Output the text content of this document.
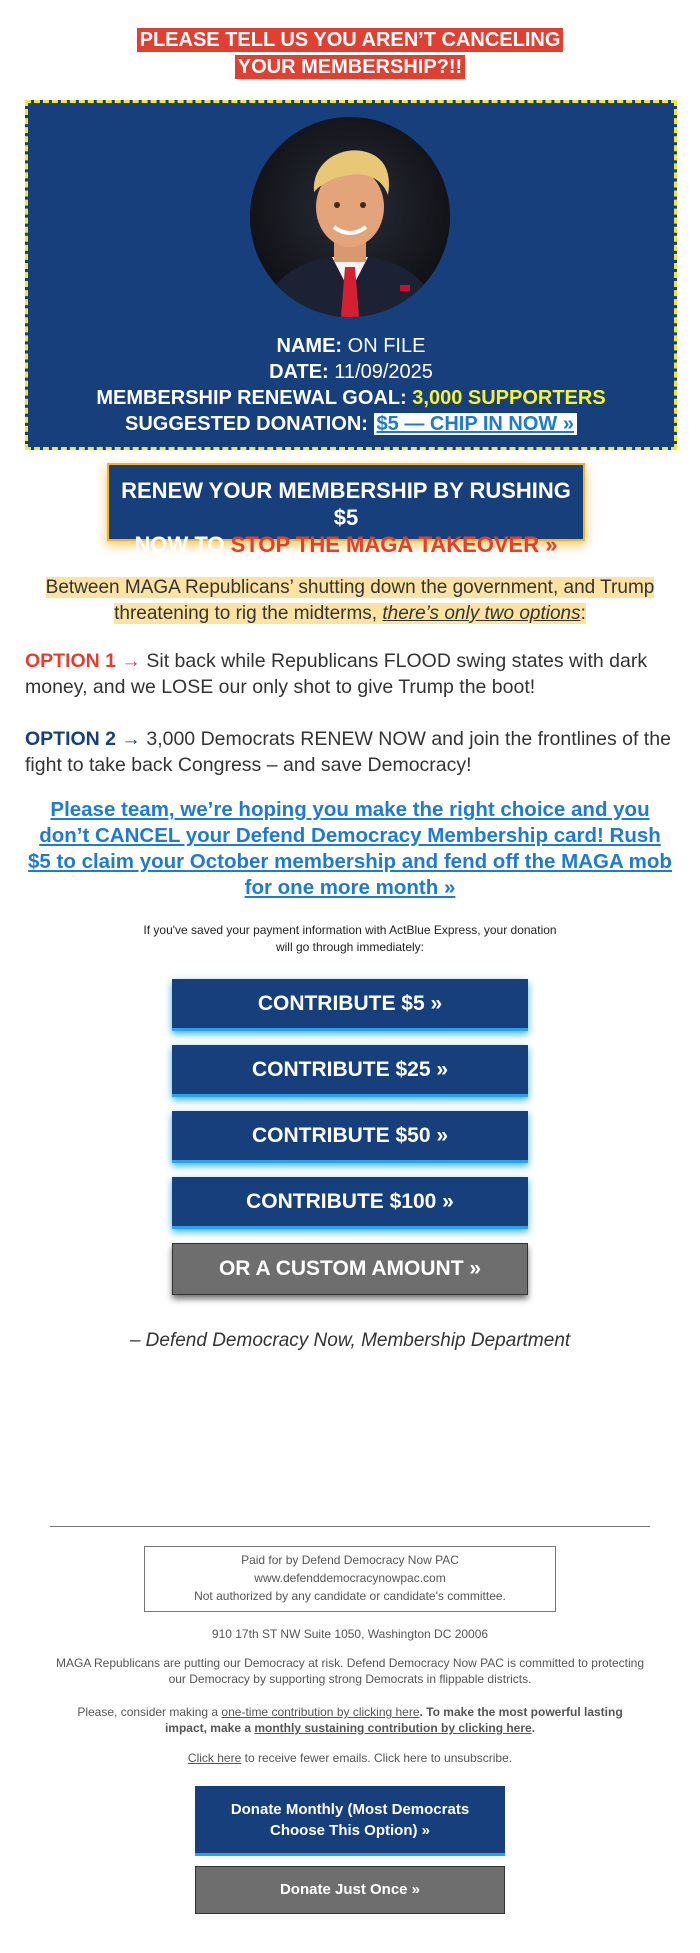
PLEASE TELL US YOU AREN’T CANCELING
YOUR MEMBERSHIP?!!
NAME: ON FILE
DATE: 11/09/2025
MEMBERSHIP RENEWAL GOAL: 3,000 SUPPORTERS
SUGGESTED DONATION: $5 — CHIP IN NOW »
RENEW YOUR MEMBERSHIP BY RUSHING $5
NOW TO STOP THE MAGA TAKEOVER »
Between MAGA Republicans’ shutting down the government, and Trump threatening to rig the midterms, there’s only two options:
OPTION 1 → Sit back while Republicans FLOOD swing states with dark money, and we LOSE our only shot to give Trump the boot!
OPTION 2 → 3,000 Democrats RENEW NOW and join the frontlines of the fight to take back Congress – and save Democracy!
Please team, we’re hoping you make the right choice and you don’t CANCEL your Defend Democracy Membership card! Rush $5 to claim your October membership and fend off the MAGA mob for one more month »
If you've saved your payment information with ActBlue Express, your donation
will go through immediately:
CONTRIBUTE $5 »
CONTRIBUTE $25 »
CONTRIBUTE $50 »
CONTRIBUTE $100 »
OR A CUSTOM AMOUNT »
– Defend Democracy Now, Membership Department
Paid for by Defend Democracy Now PAC
www.defenddemocracynowpac.com
Not authorized by any candidate or candidate's committee.
910 17th ST NW Suite 1050, Washington DC 20006
MAGA Republicans are putting our Democracy at risk. Defend Democracy Now PAC is committed to protecting our Democracy by supporting strong Democrats in flippable districts.
Please, consider making a one-time contribution by clicking here. To make the most powerful lasting impact, make a monthly sustaining contribution by clicking here.
Click here to receive fewer emails. Click here to unsubscribe.
Donate Monthly (Most Democrats
Choose This Option) »
Donate Just Once »
